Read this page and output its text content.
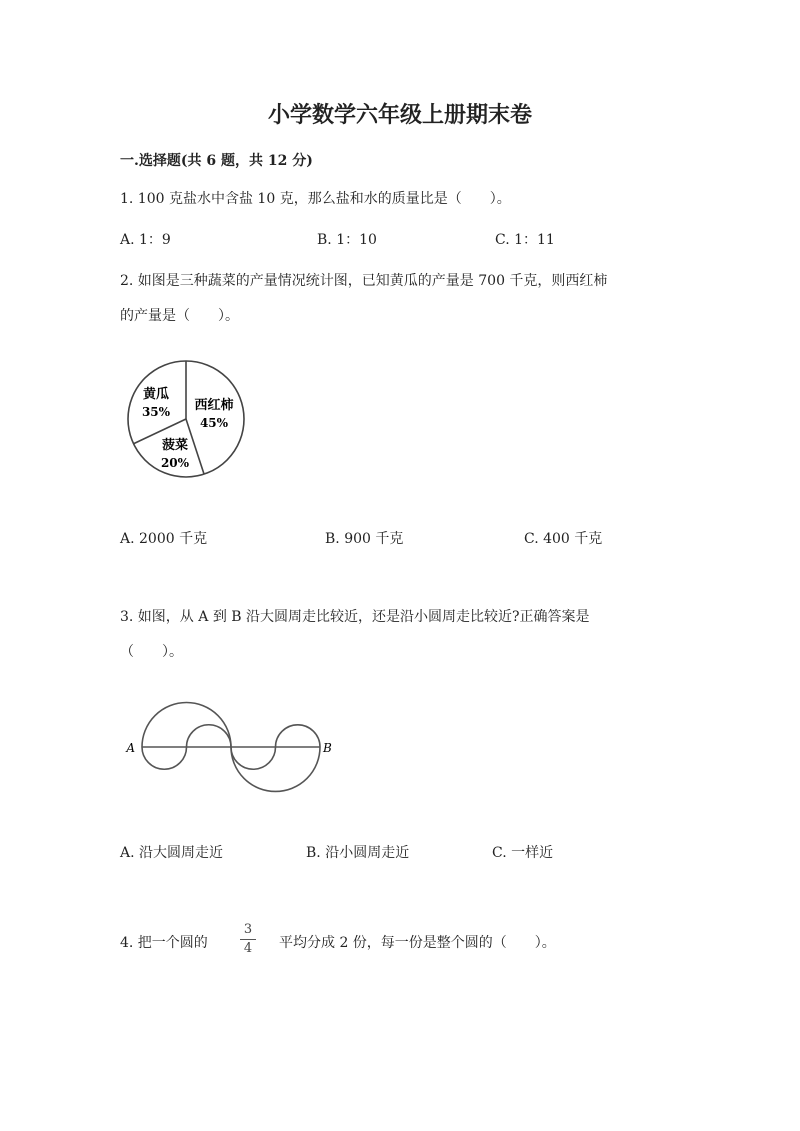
小学数学六年级上册期末卷
一.选择题(共 6 题，共 12 分)
1. 100 克盐水中含盐 10 克，那么盐和水的质量比是（　　）。
A. 1：9	B. 1：10	C. 1：11
2. 如图是三种蔬菜的产量情况统计图，已知黄瓜的产量是 700 千克，则西红柿
的产量是（　　）。
黄瓜
35% 西红柿
45%
菠菜
20%
A. 2000 千克	B. 900 千克	C. 400 千克
3. 如图，从 A 到 B 沿大圆周走比较近，还是沿小圆周走比较近?正确答案是
（　　）。
A	B
A. 沿大圆周走近	B. 沿小圆周走近	C. 一样近
4. 把一个圆的
3
4 平均分成 2 份，每一份是整个圆的（　　）。
